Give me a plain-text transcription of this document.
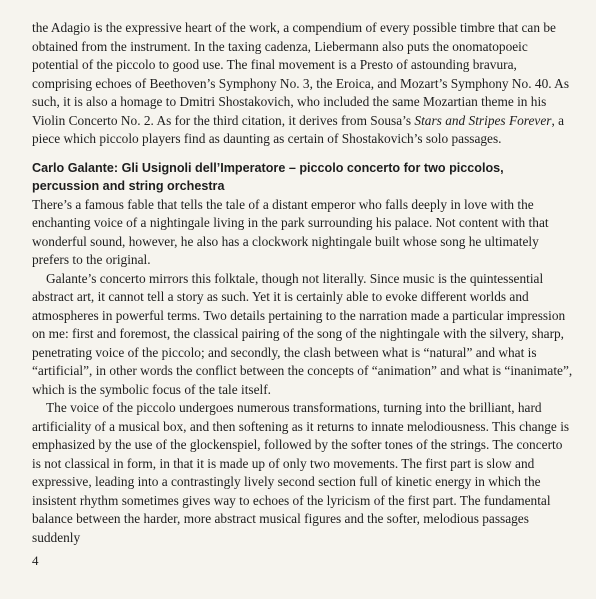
the Adagio is the expressive heart of the work, a compendium of every possible timbre that can be obtained from the instrument. In the taxing cadenza, Liebermann also puts the onomatopoeic potential of the piccolo to good use. The final movement is a Presto of astounding bravura, comprising echoes of Beethoven’s Symphony No. 3, the Eroica, and Mozart’s Symphony No. 40. As such, it is also a homage to Dmitri Shostakovich, who included the same Mozartian theme in his Violin Concerto No. 2. As for the third citation, it derives from Sousa’s Stars and Stripes Forever, a piece which piccolo players find as daunting as certain of Shostakovich’s solo passages.

Carlo Galante: Gli Usignoli dell’Imperatore – piccolo concerto for two piccolos, percussion and string orchestra

There’s a famous fable that tells the tale of a distant emperor who falls deeply in love with the enchanting voice of a nightingale living in the park surrounding his palace. Not content with that wonderful sound, however, he also has a clockwork nightingale built whose song he ultimately prefers to the original.

Galante’s concerto mirrors this folktale, though not literally. Since music is the quintessential abstract art, it cannot tell a story as such. Yet it is certainly able to evoke different worlds and atmospheres in powerful terms. Two details pertaining to the narration made a particular impression on me: first and foremost, the classical pairing of the song of the nightingale with the silvery, sharp, penetrating voice of the piccolo; and secondly, the clash between what is “natural” and what is “artificial”, in other words the conflict between the concepts of “animation” and what is “inanimate”, which is the symbolic focus of the tale itself.

The voice of the piccolo undergoes numerous transformations, turning into the brilliant, hard artificiality of a musical box, and then softening as it returns to innate melodiousness. This change is emphasized by the use of the glockenspiel, followed by the softer tones of the strings. The concerto is not classical in form, in that it is made up of only two movements. The first part is slow and expressive, leading into a contrastingly lively second section full of kinetic energy in which the insistent rhythm sometimes gives way to echoes of the lyricism of the first part. The fundamental balance between the harder, more abstract musical figures and the softer, melodious passages suddenly

4
